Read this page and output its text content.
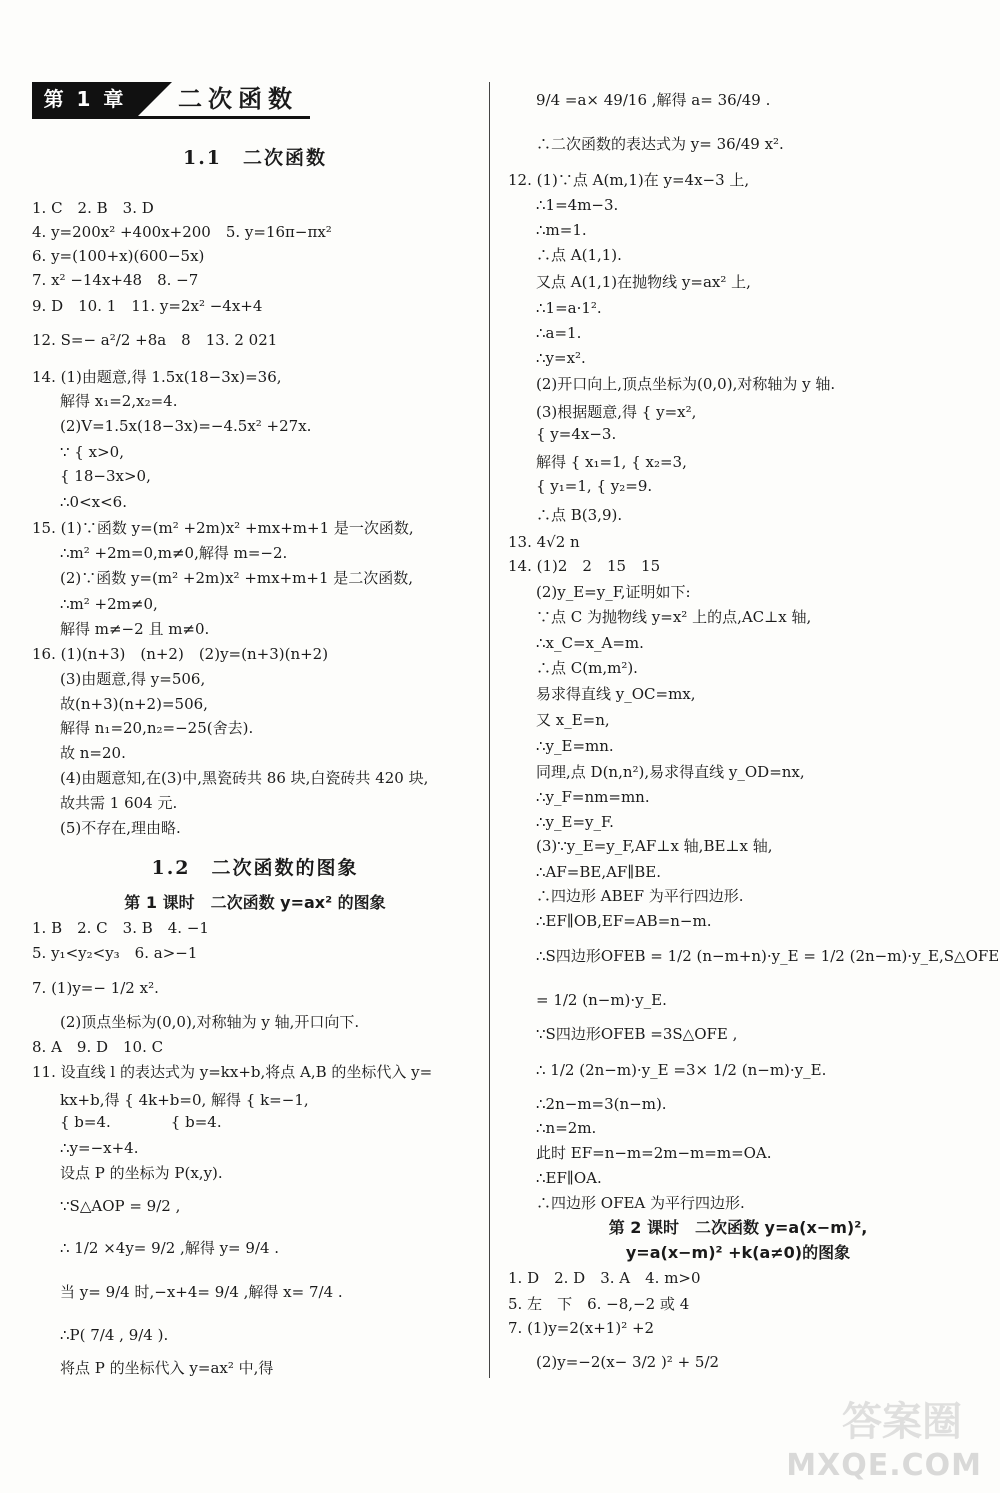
第 1 章	二次函数
1.1　二次函数
1. C　2. B　3. D
4. y=200x² +400x+200　5. y=16π−πx²
6. y=(100+x)(600−5x)
7. x² −14x+48　8. −7
9. D　10. 1　11. y=2x² −4x+4
12. S=− a²/2 +8a　8　13. 2 021
14. (1)由题意,得 1.5x(18−3x)=36,
解得 x₁=2,x₂=4.
(2)V=1.5x(18−3x)=−4.5x² +27x.
∵ { x>0,
{ 18−3x>0,
∴0<x<6.
15. (1)∵函数 y=(m² +2m)x² +mx+m+1 是一次函数,
∴m² +2m=0,m≠0,解得 m=−2.
(2)∵函数 y=(m² +2m)x² +mx+m+1 是二次函数,
∴m² +2m≠0,
解得 m≠−2 且 m≠0.
16. (1)(n+3)　(n+2)　(2)y=(n+3)(n+2)
(3)由题意,得 y=506,
故(n+3)(n+2)=506,
解得 n₁=20,n₂=−25(舍去).
故 n=20.
(4)由题意知,在(3)中,黑瓷砖共 86 块,白瓷砖共 420 块,
故共需 1 604 元.
(5)不存在,理由略.
1.2　二次函数的图象
第 1 课时　二次函数 y=ax² 的图象
1. B　2. C　3. B　4. −1
5. y₁<y₂<y₃　6. a>−1
7. (1)y=− 1/2 x².
(2)顶点坐标为(0,0),对称轴为 y 轴,开口向下.
8. A　9. D　10. C
11. 设直线 l 的表达式为 y=kx+b,将点 A,B 的坐标代入 y=
kx+b,得 { 4k+b=0, 解得 { k=−1,
{ b=4.　　　　{ b=4.
∴y=−x+4.
设点 P 的坐标为 P(x,y).
∵S△AOP = 9/2 ,
∴ 1/2 ×4y= 9/2 ,解得 y= 9/4 .
当 y= 9/4 时,−x+4= 9/4 ,解得 x= 7/4 .
∴P( 7/4 , 9/4 ).
将点 P 的坐标代入 y=ax² 中,得
9/4 =a× 49/16 ,解得 a= 36/49 .
∴二次函数的表达式为 y= 36/49 x².
12. (1)∵点 A(m,1)在 y=4x−3 上,
∴1=4m−3.
∴m=1.
∴点 A(1,1).
又点 A(1,1)在抛物线 y=ax² 上,
∴1=a·1².
∴a=1.
∴y=x².
(2)开口向上,顶点坐标为(0,0),对称轴为 y 轴.
(3)根据题意,得 { y=x²,
{ y=4x−3.
解得 { x₁=1, { x₂=3,
{ y₁=1, { y₂=9.
∴点 B(3,9).
13. 4√2 n
14. (1)2　2　15　15
(2)y_E=y_F,证明如下:
∵点 C 为抛物线 y=x² 上的点,AC⊥x 轴,
∴x_C=x_A=m.
∴点 C(m,m²).
易求得直线 y_OC=mx,
又 x_E=n,
∴y_E=mn.
同理,点 D(n,n²),易求得直线 y_OD=nx,
∴y_F=nm=mn.
∴y_E=y_F.
(3)∵y_E=y_F,AF⊥x 轴,BE⊥x 轴,
∴AF=BE,AF∥BE.
∴四边形 ABEF 为平行四边形.
∴EF∥OB,EF=AB=n−m.
∴S四边形OFEB = 1/2 (n−m+n)·y_E = 1/2 (2n−m)·y_E,S△OFE
= 1/2 (n−m)·y_E.
∵S四边形OFEB =3S△OFE ,
∴ 1/2 (2n−m)·y_E =3× 1/2 (n−m)·y_E.
∴2n−m=3(n−m).
∴n=2m.
此时 EF=n−m=2m−m=m=OA.
∴EF∥OA.
∴四边形 OFEA 为平行四边形.
第 2 课时　二次函数 y=a(x−m)²,
y=a(x−m)² +k(a≠0)的图象
1. D　2. D　3. A　4. m>0
5. 左　下　6. −8,−2 或 4
7. (1)y=2(x+1)² +2
(2)y=−2(x− 3/2 )² + 5/2
答案圈
MXQE.COM
